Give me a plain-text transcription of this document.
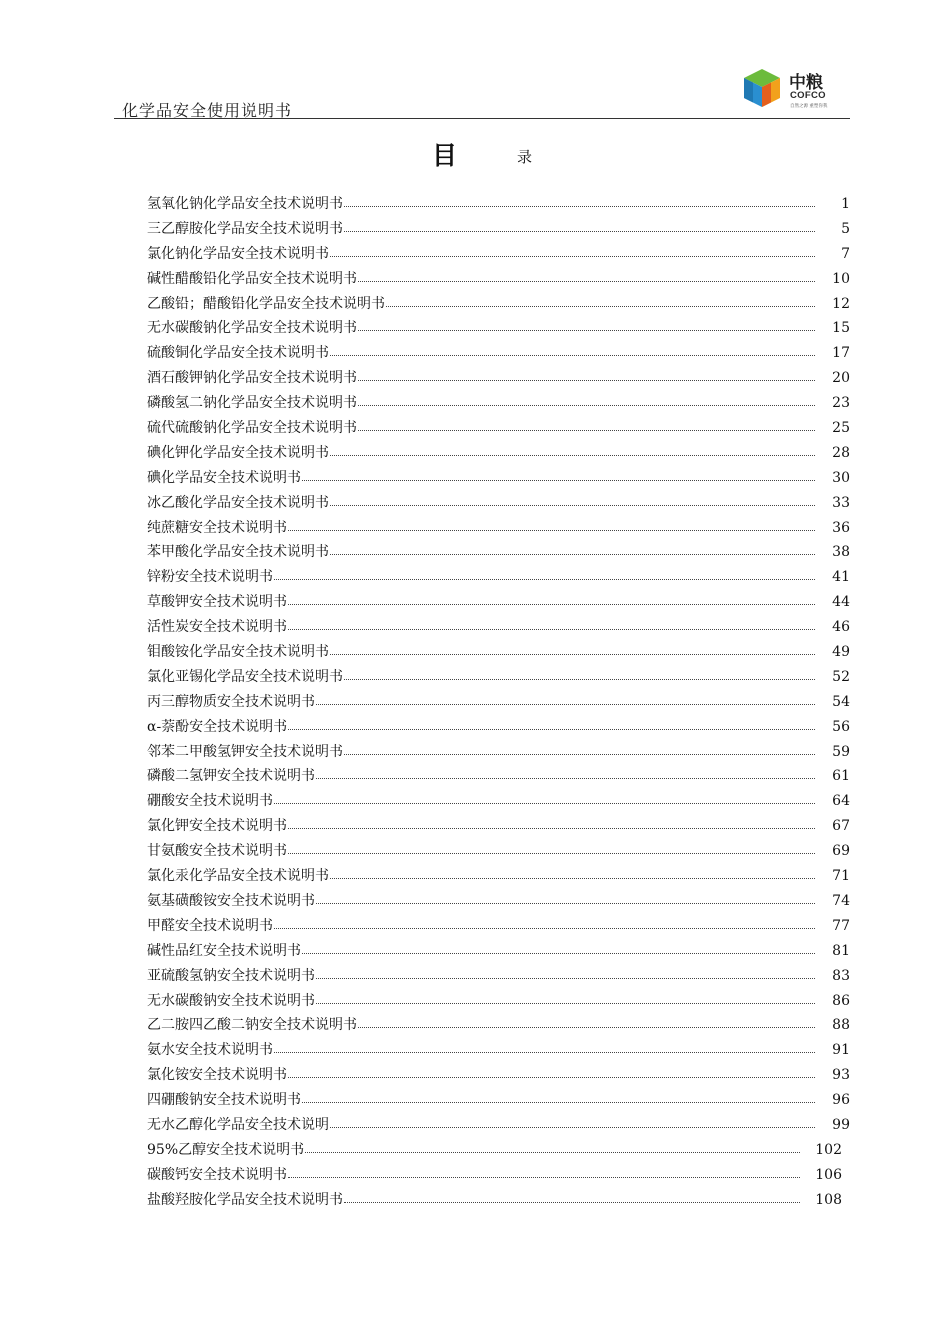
化学品安全使用说明书
中粮
COFCO
自然之源 重塑你我
目	录
氢氧化钠化学品安全技术说明书	1
三乙醇胺化学品安全技术说明书	5
氯化钠化学品安全技术说明书	7
碱性醋酸铅化学品安全技术说明书	10
乙酸铅；醋酸铅化学品安全技术说明书	12
无水碳酸钠化学品安全技术说明书	15
硫酸铜化学品安全技术说明书	17
酒石酸钾钠化学品安全技术说明书	20
磷酸氢二钠化学品安全技术说明书	23
硫代硫酸钠化学品安全技术说明书	25
碘化钾化学品安全技术说明书	28
碘化学品安全技术说明书	30
冰乙酸化学品安全技术说明书	33
纯蔗糖安全技术说明书	36
苯甲酸化学品安全技术说明书	38
锌粉安全技术说明书	41
草酸钾安全技术说明书	44
活性炭安全技术说明书	46
钼酸铵化学品安全技术说明书	49
氯化亚锡化学品安全技术说明书	52
丙三醇物质安全技术说明书	54
α-萘酚安全技术说明书	56
邻苯二甲酸氢钾安全技术说明书	59
磷酸二氢钾安全技术说明书	61
硼酸安全技术说明书	64
氯化钾安全技术说明书	67
甘氨酸安全技术说明书	69
氯化汞化学品安全技术说明书	71
氨基磺酸铵安全技术说明书	74
甲醛安全技术说明书	77
碱性品红安全技术说明书	81
亚硫酸氢钠安全技术说明书	83
无水碳酸钠安全技术说明书	86
乙二胺四乙酸二钠安全技术说明书	88
氨水安全技术说明书	91
氯化铵安全技术说明书	93
四硼酸钠安全技术说明书	96
无水乙醇化学品安全技术说明	99
95%乙醇安全技术说明书	102
碳酸钙安全技术说明书	106
盐酸羟胺化学品安全技术说明书	108
